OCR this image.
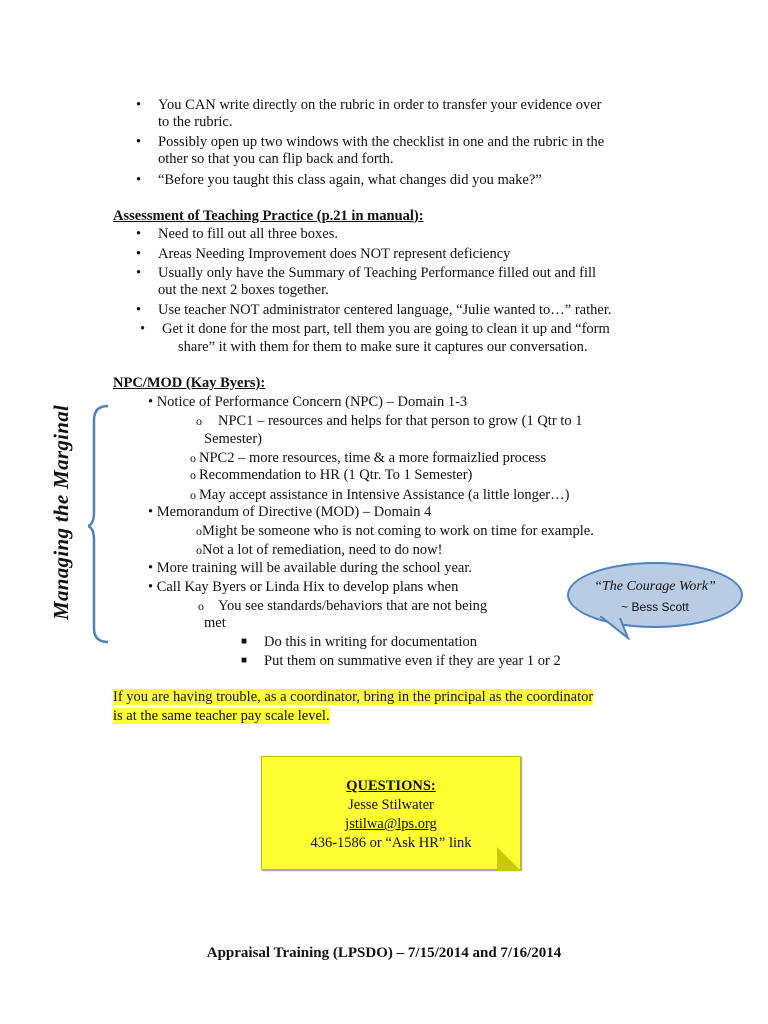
• You CAN write directly on the rubric in order to transfer your evidence over
to the rubric.
• Possibly open up two windows with the checklist in one and the rubric in the
other so that you can flip back and forth.
• “Before you taught this class again, what changes did you make?”
Assessment of Teaching Practice (p.21 in manual):
• Need to fill out all three boxes.
• Areas Needing Improvement does NOT represent deficiency
• Usually only have the Summary of Teaching Performance filled out and fill
out the next 2 boxes together.
• Use teacher NOT administrator centered language, “Julie wanted to…” rather.
• Get it done for the most part, tell them you are going to clean it up and “form
share” it with them for them to make sure it captures our conversation.
NPC/MOD (Kay Byers):
Managing the Marginal
• Notice of Performance Concern (NPC) – Domain 1-3
o NPC1 – resources and helps for that person to grow (1 Qtr to 1
Semester)
o NPC2 – more resources, time & a more formaizlied process
o Recommendation to HR (1 Qtr. To 1 Semester)
o May accept assistance in Intensive Assistance (a little longer…)
• Memorandum of Directive (MOD) – Domain 4
oMight be someone who is not coming to work on time for example.
oNot a lot of remediation, need to do now!
• More training will be available during the school year.
• Call Kay Byers or Linda Hix to develop plans when
o You see standards/behaviors that are not being
met
■ Do this in writing for documentation
■ Put them on summative even if they are year 1 or 2
“The Courage Work”
~ Bess Scott
If you are having trouble, as a coordinator, bring in the principal as the coordinator
is at the same teacher pay scale level.
QUESTIONS:
Jesse Stilwater
jstilwa@lps.org
436-1586 or “Ask HR” link
Appraisal Training (LPSDO) – 7/15/2014 and 7/16/2014
